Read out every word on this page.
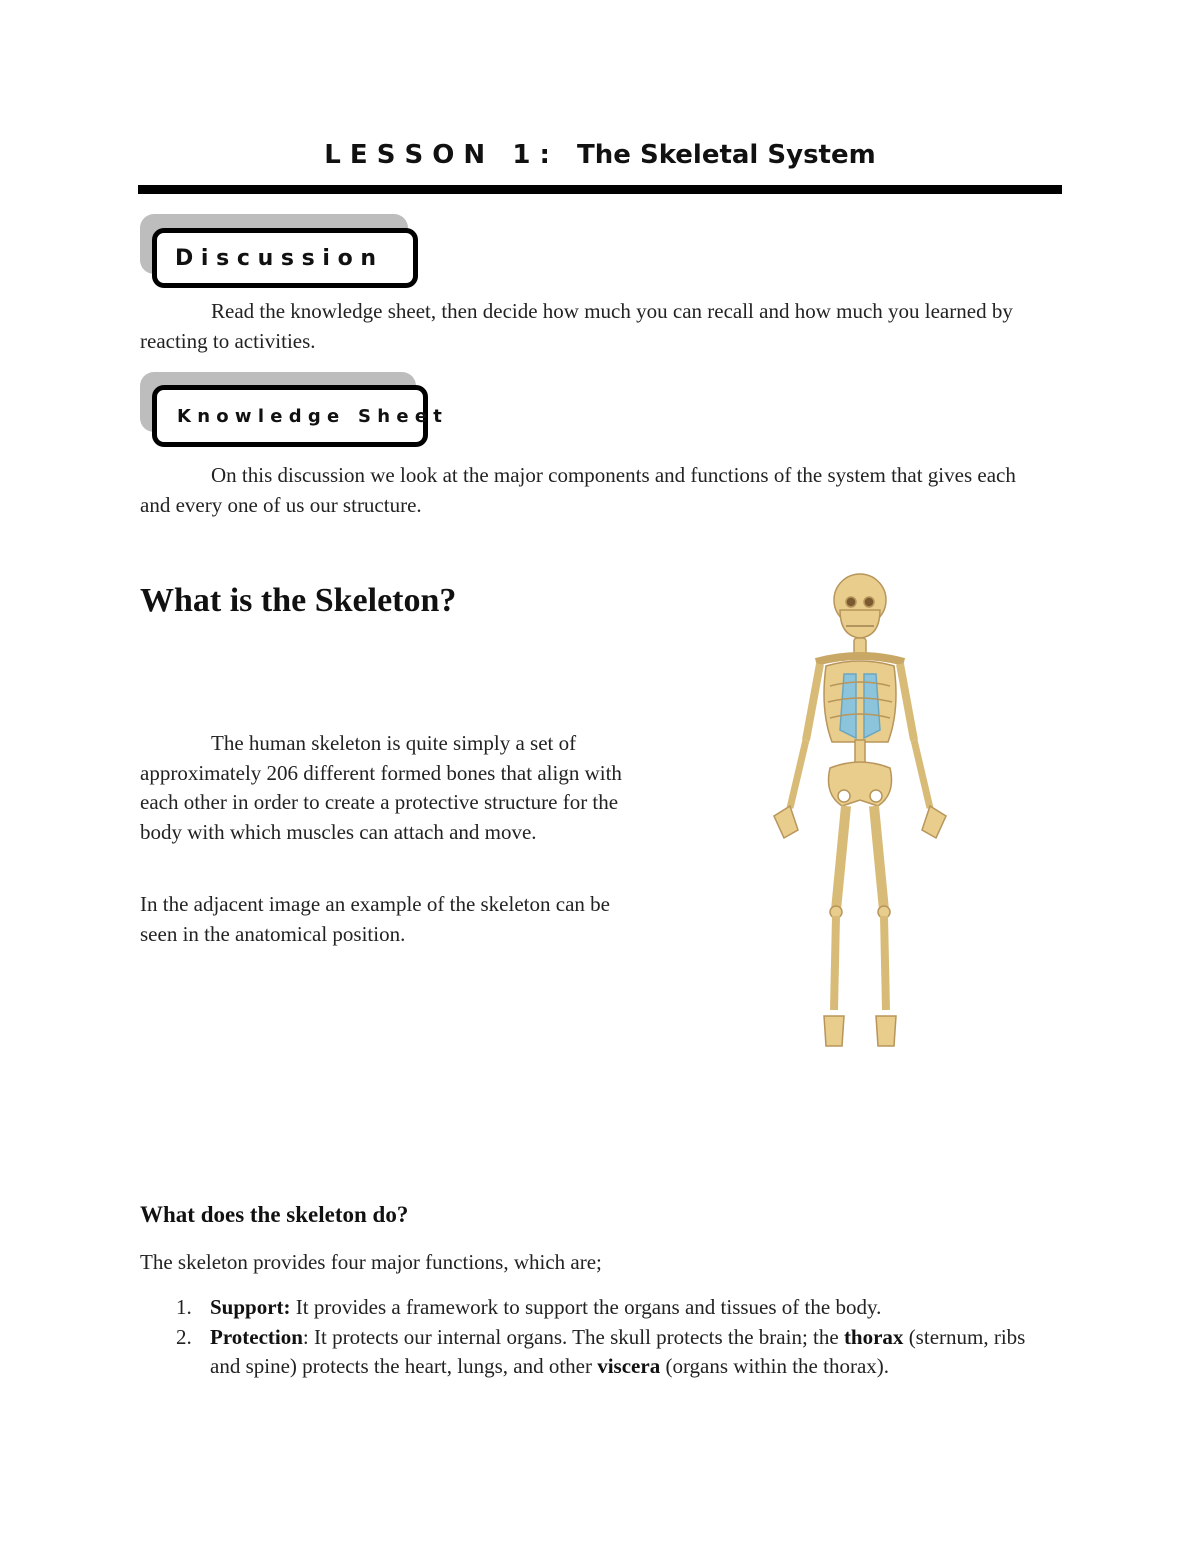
L E S S O N   1 :   The Skeletal System
D i s c u s s i o n
Read the knowledge sheet, then decide how much you can recall and how much you learned by reacting to activities.
K n o w l e d g e   S h e e t
On this discussion we look at the major components and functions of the system that gives each and every one of us our structure.
What is the Skeleton?
The human skeleton is quite simply a set of approximately 206 different formed bones that align with each other in order to create a protective structure for the body with which muscles can attach and move.
In the adjacent image an example of the skeleton can be seen in the anatomical position.
What does the skeleton do?
The skeleton provides four major functions, which are;
1. Support: It provides a framework to support the organs and tissues of the body.
2. Protection: It protects our internal organs. The skull protects the brain; the thorax (sternum, ribs and spine) protects the heart, lungs, and other viscera (organs within the thorax).
